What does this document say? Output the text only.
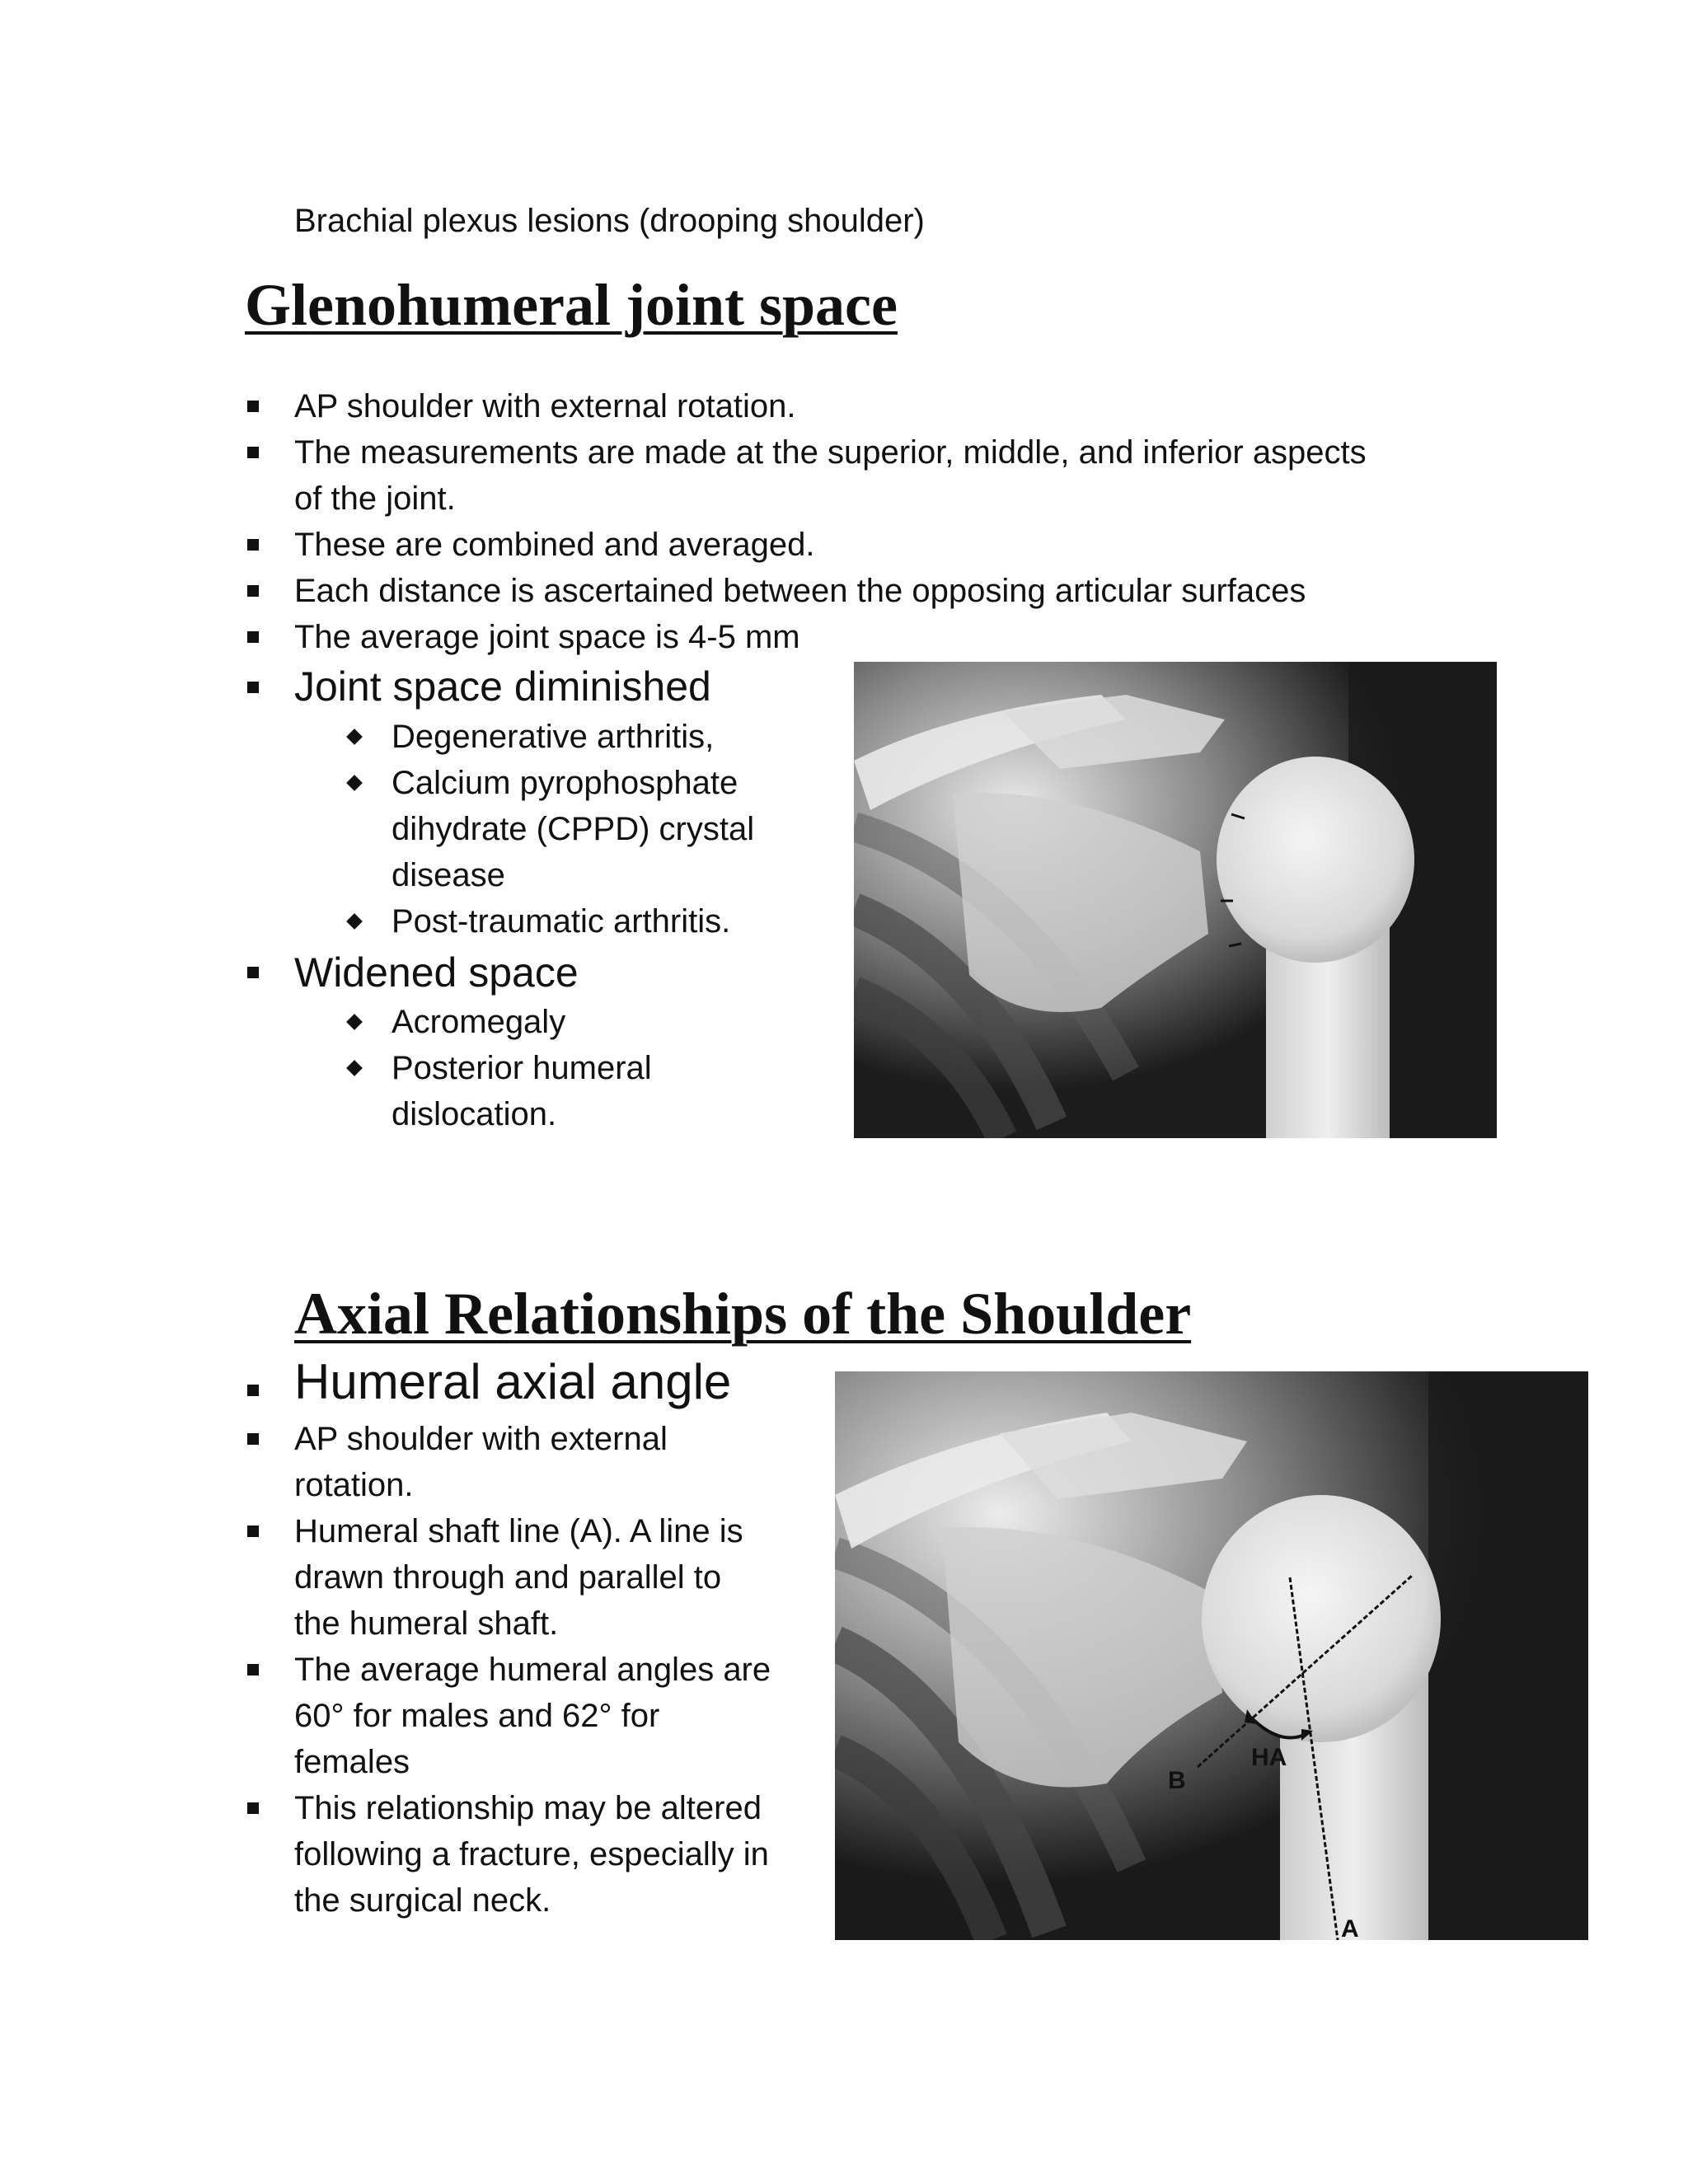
Brachial plexus lesions (drooping shoulder)
Glenohumeral joint space
AP shoulder with external rotation.
The measurements are made at the superior, middle, and inferior aspects
of the joint.
These are combined and averaged.
Each distance is ascertained between the opposing articular surfaces
The average joint space is 4-5 mm
Joint space diminished
Degenerative arthritis,
Calcium pyrophosphate
dihydrate (CPPD) crystal
disease
Post-traumatic arthritis.
Widened space
Acromegaly
Posterior humeral
dislocation.
Axial Relationships of the Shoulder
Humeral axial angle
AP shoulder with external
rotation.
Humeral shaft line (A). A line is
drawn through and parallel to
the humeral shaft.
The average humeral angles are
60° for males and 62° for
females
This relationship may be altered
following a fracture, especially in
the surgical neck.
HA
B
A
